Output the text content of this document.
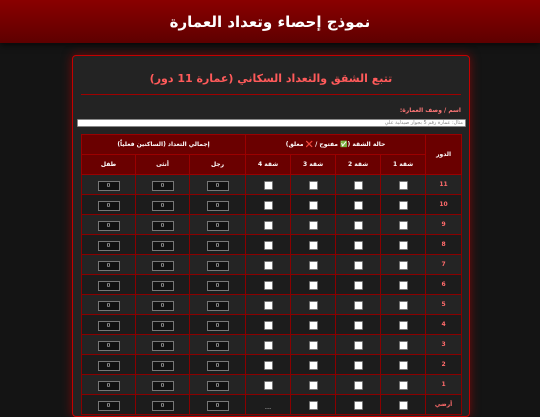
نموذج إحصاء وتعداد العمارة
تتبع الشقق والتعداد السكاني (عمارة 11 دور)
اسم / وصف العمارة:
مثال: عمارة رقم 5 بجوار صيدلية علي
الدور	حالة الشقة (✅ مفتوح / ❌ مغلق)				إجمالي التعداد (الساكنين فعلياً)		
	شقة 1	شقة 2	شقة 3	شقة 4	رجل	أنثى	طفل
11					0	0	0
10					0	0	0
9					0	0	0
8					0	0	0
7					0	0	0
6					0	0	0
5					0	0	0
4					0	0	0
3					0	0	0
2					0	0	0
1					0	0	0
أرضي				---	0	0	0
